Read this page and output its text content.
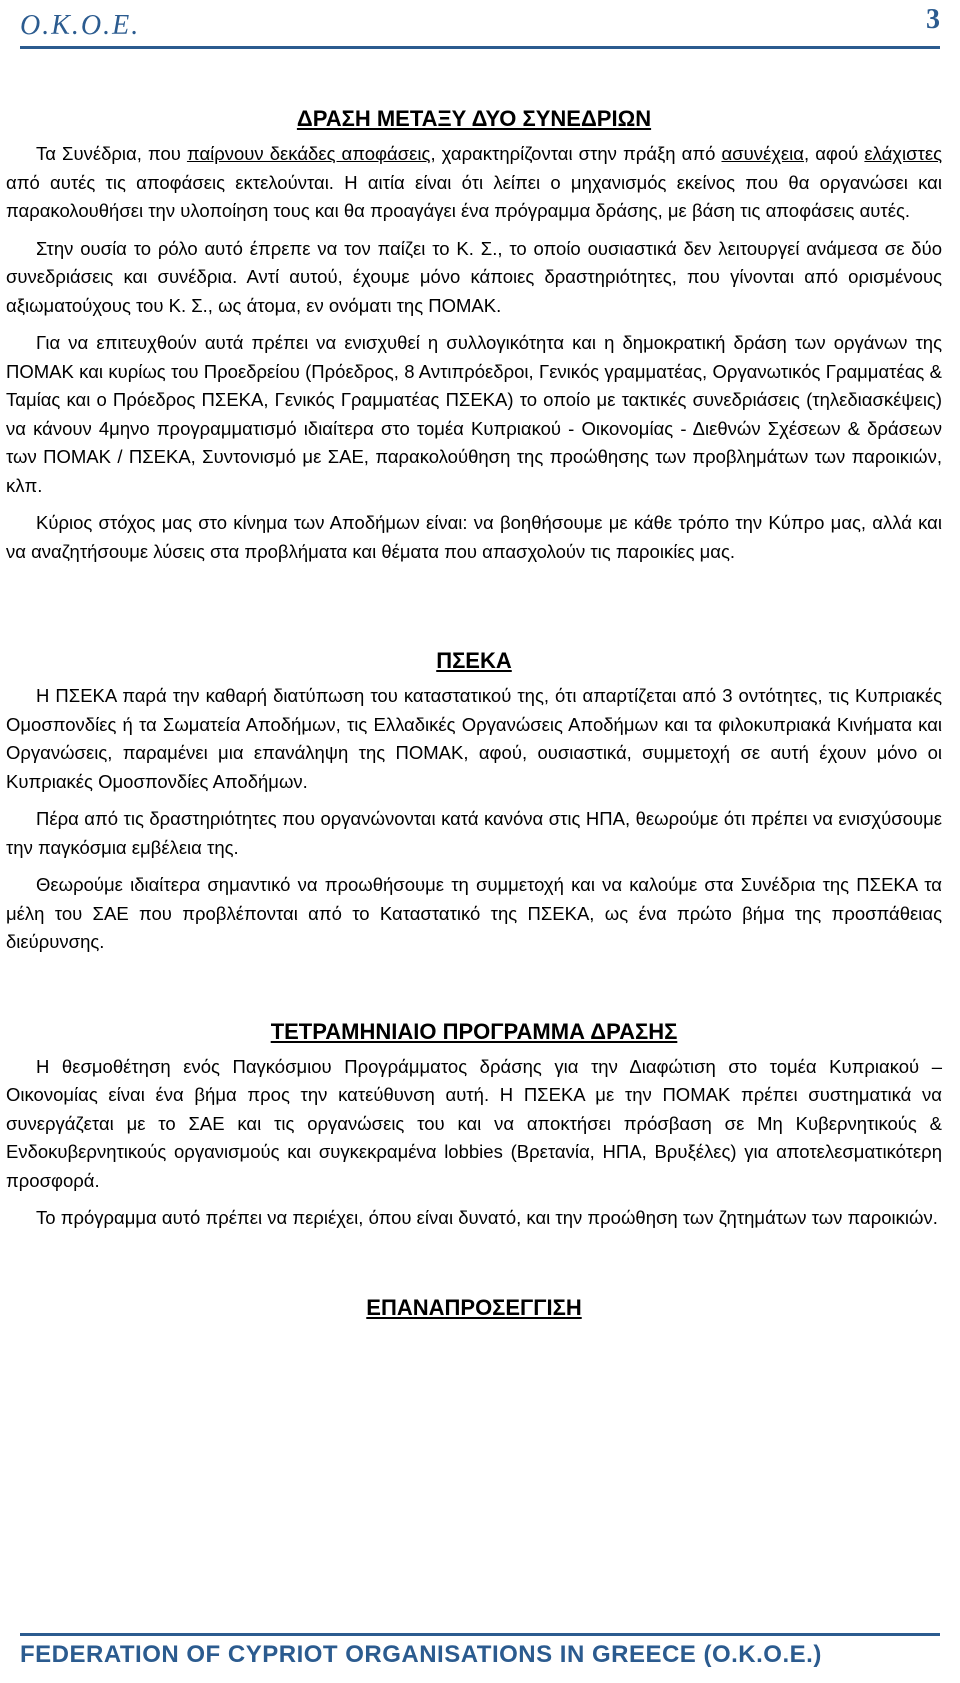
Ο.Κ.Ο.Ε.	3
ΔΡΑΣΗ ΜΕΤΑΞΥ ΔΥΟ ΣΥΝΕΔΡΙΩΝ

Τα Συνέδρια, που παίρνουν δεκάδες αποφάσεις, χαρακτηρίζονται στην πράξη από ασυνέχεια, αφού ελάχιστες από αυτές τις αποφάσεις εκτελούνται. Η αιτία είναι ότι λείπει ο μηχανισμός εκείνος που θα οργανώσει και παρακολουθήσει την υλοποίηση τους και θα προαγάγει ένα πρόγραμμα δράσης, με βάση τις αποφάσεις αυτές.

Στην ουσία το ρόλο αυτό έπρεπε να τον παίζει το Κ. Σ., το οποίο ουσιαστικά δεν λειτουργεί ανάμεσα σε δύο συνεδριάσεις και συνέδρια. Αντί αυτού, έχουμε μόνο κάποιες δραστηριότητες, που γίνονται από ορισμένους αξιωματούχους του Κ. Σ., ως άτομα, εν ονόματι της ΠΟΜΑΚ.

Για να επιτευχθούν αυτά πρέπει να ενισχυθεί η συλλογικότητα και η δημοκρατική δράση των οργάνων της ΠΟΜΑΚ και κυρίως του Προεδρείου (Πρόεδρος, 8 Αντιπρόεδροι, Γενικός γραμματέας, Οργανωτικός Γραμματέας & Ταμίας και ο Πρόεδρος ΠΣΕΚΑ, Γενικός Γραμματέας ΠΣΕΚΑ) το οποίο με τακτικές συνεδριάσεις (τηλεδιασκέψεις) να κάνουν 4μηνο προγραμματισμό ιδιαίτερα στο τομέα Κυπριακού - Οικονομίας - Διεθνών Σχέσεων & δράσεων των ΠΟΜΑΚ / ΠΣΕΚΑ, Συντονισμό με ΣΑΕ, παρακολούθηση της προώθησης των προβλημάτων των παροικιών, κλπ.

Κύριος στόχος μας στο κίνημα των Αποδήμων είναι: να βοηθήσουμε με κάθε τρόπο την Κύπρο μας, αλλά και να αναζητήσουμε λύσεις στα προβλήματα και θέματα που απασχολούν τις παροικίες μας.

ΠΣΕΚΑ

Η ΠΣΕΚΑ παρά την καθαρή διατύπωση του καταστατικού της, ότι απαρτίζεται από 3 οντότητες, τις Κυπριακές Ομοσπονδίες ή τα Σωματεία Αποδήμων, τις Ελλαδικές Οργανώσεις Αποδήμων και τα φιλοκυπριακά Κινήματα και Οργανώσεις, παραμένει μια επανάληψη της ΠΟΜΑΚ, αφού, ουσιαστικά, συμμετοχή σε αυτή έχουν μόνο οι Κυπριακές Ομοσπονδίες Αποδήμων.

Πέρα από τις δραστηριότητες που οργανώνονται κατά κανόνα στις ΗΠΑ, θεωρούμε ότι πρέπει να ενισχύσουμε την παγκόσμια εμβέλεια της.

Θεωρούμε ιδιαίτερα σημαντικό να προωθήσουμε τη συμμετοχή και να καλούμε στα Συνέδρια της ΠΣΕΚΑ τα μέλη του ΣΑΕ που προβλέπονται από το Καταστατικό της ΠΣΕΚΑ, ως ένα πρώτο βήμα της προσπάθειας διεύρυνσης.

ΤΕΤΡΑΜΗΝΙΑΙΟ ΠΡΟΓΡΑΜΜΑ ΔΡΑΣΗΣ

Η θεσμοθέτηση ενός Παγκόσμιου Προγράμματος δράσης για την Διαφώτιση στο τομέα Κυπριακού – Οικονομίας είναι ένα βήμα προς την κατεύθυνση αυτή. Η ΠΣΕΚΑ με την ΠΟΜΑΚ πρέπει συστηματικά να συνεργάζεται με το ΣΑΕ και τις οργανώσεις του και να αποκτήσει πρόσβαση σε Μη Κυβερνητικούς & Ενδοκυβερνητικούς οργανισμούς και συγκεκραμένα lobbies (Βρετανία, ΗΠΑ, Βρυξέλες) για αποτελεσματικότερη προσφορά.

Το πρόγραμμα αυτό πρέπει να περιέχει, όπου είναι δυνατό, και την προώθηση των ζητημάτων των παροικιών.

ΕΠΑΝΑΠΡΟΣΕΓΓΙΣΗ
FEDERATION OF CYPRIOT ORGANISATIONS IN GREECE (O.K.O.E.)
